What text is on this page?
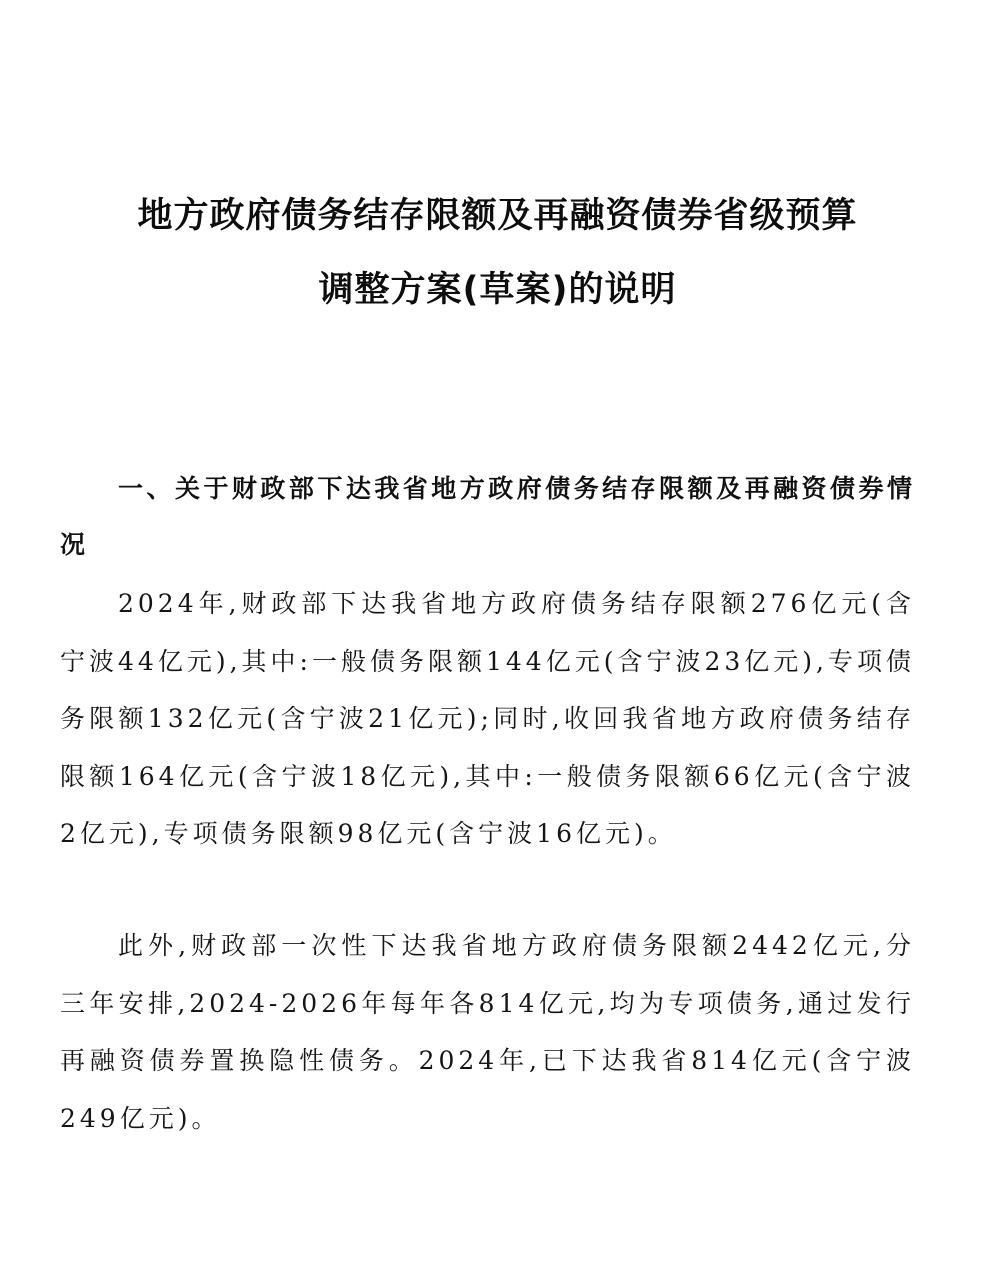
地方政府债务结存限额及再融资债券省级预算
调整方案(草案)的说明
一、关于财政部下达我省地方政府债务结存限额及再融资债券情况
2024年,财政部下达我省地方政府债务结存限额276亿元(含宁波44亿元),其中:一般债务限额144亿元(含宁波23亿元),专项债务限额132亿元(含宁波21亿元);同时,收回我省地方政府债务结存限额164亿元(含宁波18亿元),其中:一般债务限额66亿元(含宁波2亿元),专项债务限额98亿元(含宁波16亿元)。
此外,财政部一次性下达我省地方政府债务限额2442亿元,分三年安排,2024-2026年每年各814亿元,均为专项债务,通过发行再融资债券置换隐性债务。2024年,已下达我省814亿元(含宁波249亿元)。
